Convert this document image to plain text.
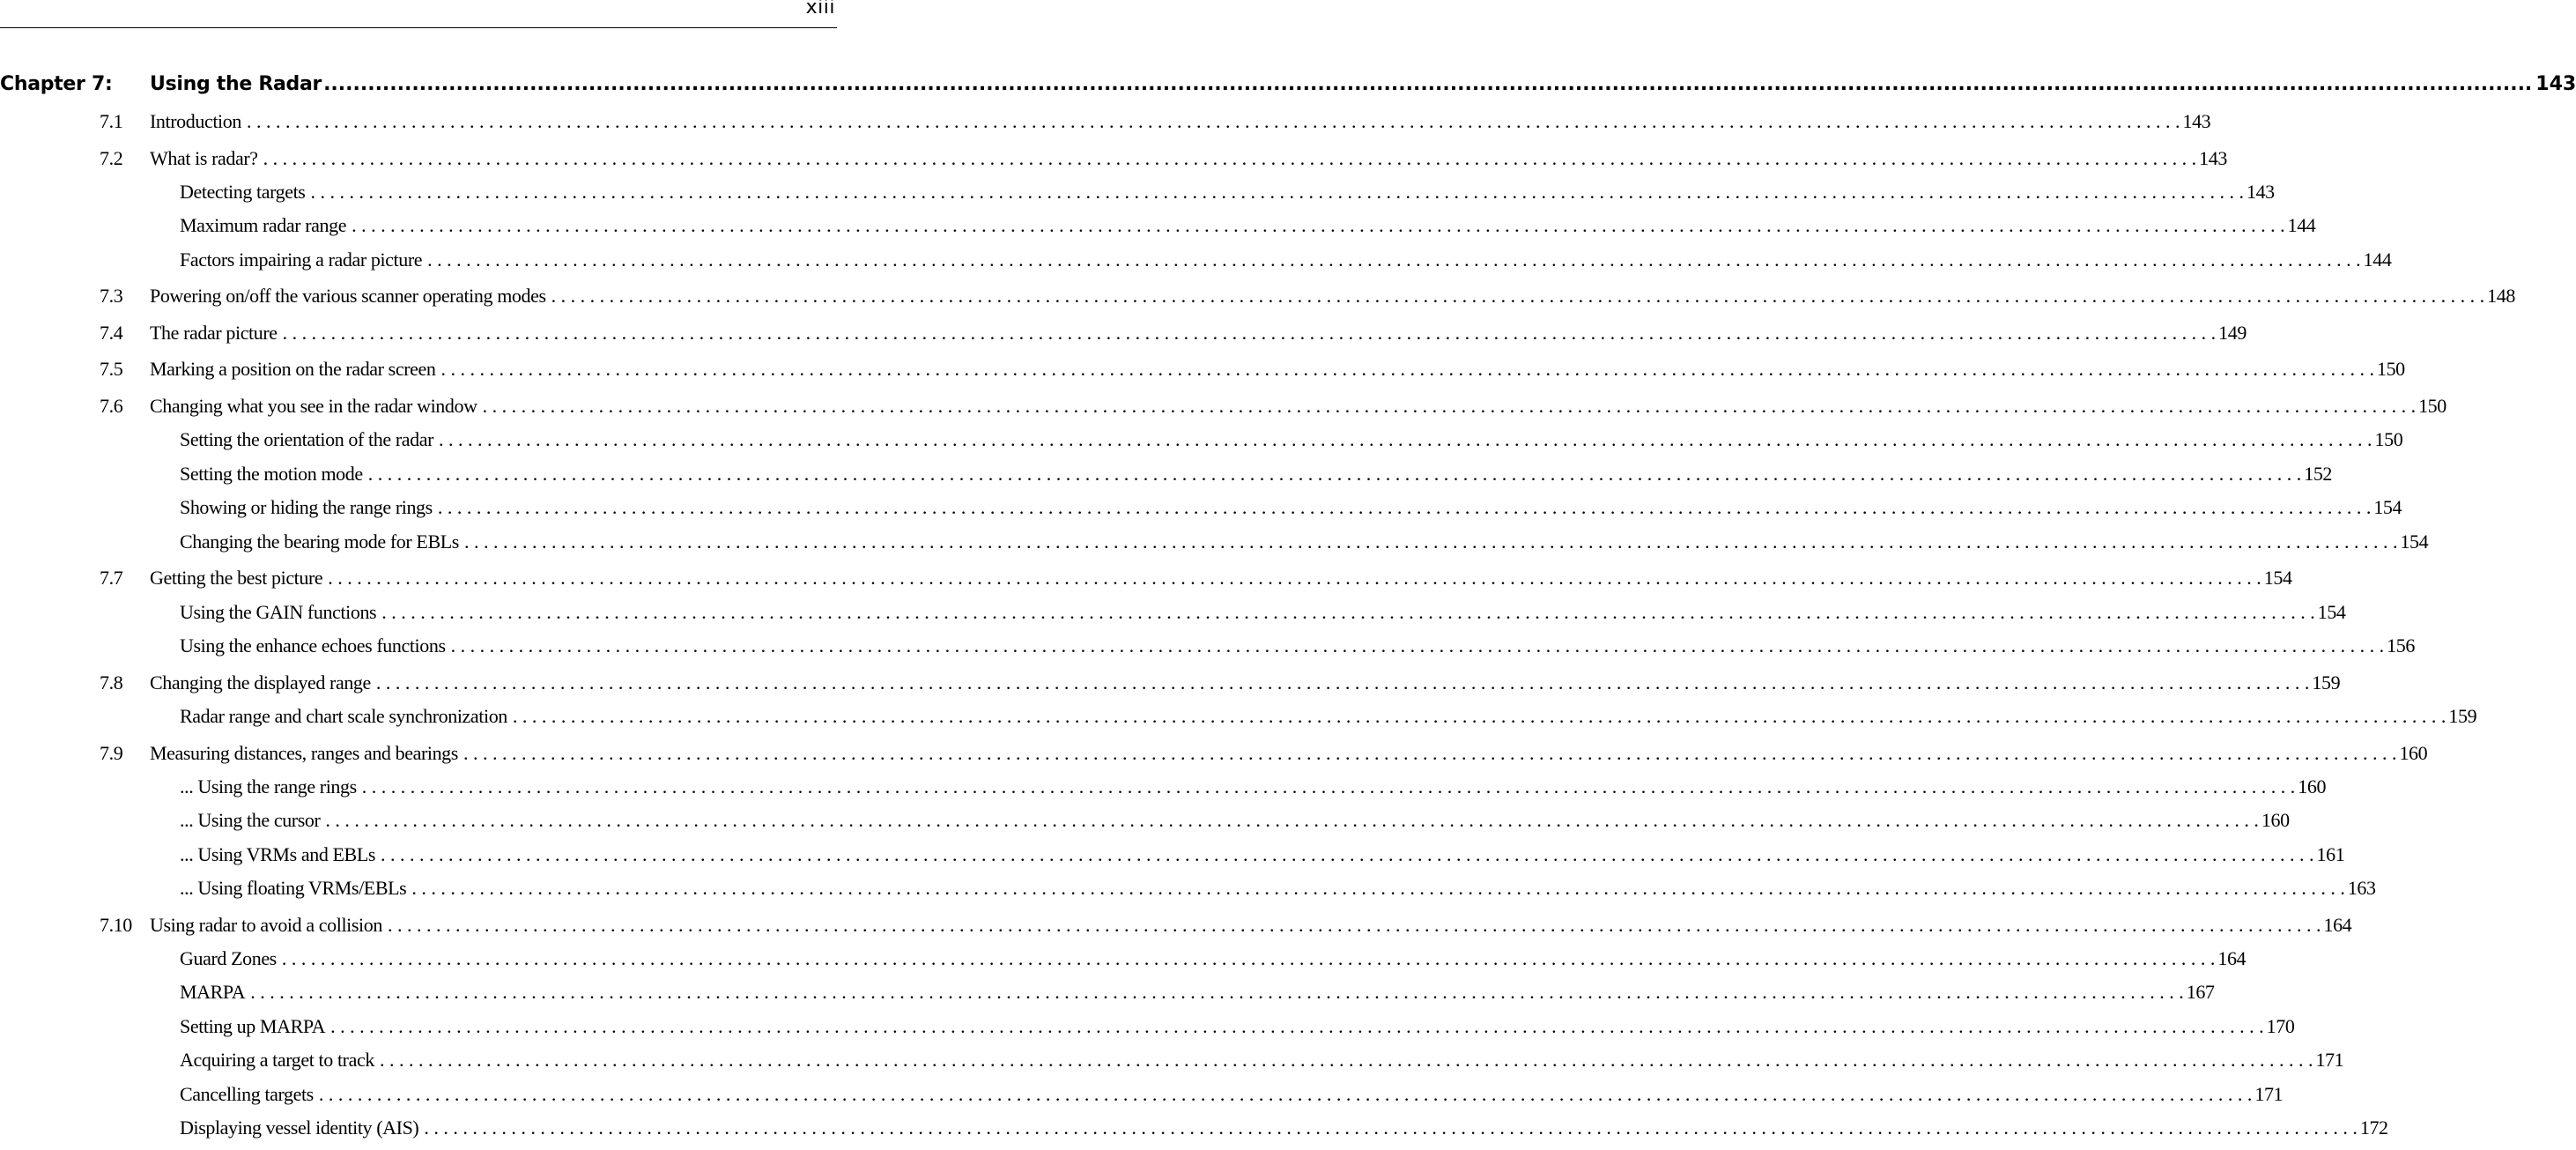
xiii
Chapter 7:	Using the Radar ............................................................................................................................................................................................................................................................................................................ 143
7.1 Introduction . . . . . . . . . . . . . . . . . . . . . . . . . . . . . . . . . . . . . . . . . . . . . . . . . . . . . . . . . . . . . . . . . . . . . . . . . . . . . . . . . . . . . . . . . . . . . . . . . . . . . . . . . . . . . . . . . . . . . . . . . . . . . . . . . . . . . . . . . . . . . . . . . . . . . . . . . . . . . . . . . . . . . . . . . . . . . . . . . . . . . . . . . . . . . . . . . . . . . . . . 143
7.2 What is radar? . . . . . . . . . . . . . . . . . . . . . . . . . . . . . . . . . . . . . . . . . . . . . . . . . . . . . . . . . . . . . . . . . . . . . . . . . . . . . . . . . . . . . . . . . . . . . . . . . . . . . . . . . . . . . . . . . . . . . . . . . . . . . . . . . . . . . . . . . . . . . . . . . . . . . . . . . . . . . . . . . . . . . . . . . . . . . . . . . . . . . . . . . . . . . . . . . . . . . . . . 143
Detecting targets . . . . . . . . . . . . . . . . . . . . . . . . . . . . . . . . . . . . . . . . . . . . . . . . . . . . . . . . . . . . . . . . . . . . . . . . . . . . . . . . . . . . . . . . . . . . . . . . . . . . . . . . . . . . . . . . . . . . . . . . . . . . . . . . . . . . . . . . . . . . . . . . . . . . . . . . . . . . . . . . . . . . . . . . . . . . . . . . . . . . . . . . . . . . . . . . . . . . . . . . 143
Maximum radar range . . . . . . . . . . . . . . . . . . . . . . . . . . . . . . . . . . . . . . . . . . . . . . . . . . . . . . . . . . . . . . . . . . . . . . . . . . . . . . . . . . . . . . . . . . . . . . . . . . . . . . . . . . . . . . . . . . . . . . . . . . . . . . . . . . . . . . . . . . . . . . . . . . . . . . . . . . . . . . . . . . . . . . . . . . . . . . . . . . . . . . . . . . . . . . . . . . . . . . . . 144
Factors impairing a radar picture . . . . . . . . . . . . . . . . . . . . . . . . . . . . . . . . . . . . . . . . . . . . . . . . . . . . . . . . . . . . . . . . . . . . . . . . . . . . . . . . . . . . . . . . . . . . . . . . . . . . . . . . . . . . . . . . . . . . . . . . . . . . . . . . . . . . . . . . . . . . . . . . . . . . . . . . . . . . . . . . . . . . . . . . . . . . . . . . . . . . . . . . . . . . . . . . . . . . . . . . 144
7.3 Powering on/off the various scanner operating modes . . . . . . . . . . . . . . . . . . . . . . . . . . . . . . . . . . . . . . . . . . . . . . . . . . . . . . . . . . . . . . . . . . . . . . . . . . . . . . . . . . . . . . . . . . . . . . . . . . . . . . . . . . . . . . . . . . . . . . . . . . . . . . . . . . . . . . . . . . . . . . . . . . . . . . . . . . . . . . . . . . . . . . . . . . . . . . . . . . . . . . . . . . . . . . . . . . . . . . . . 148
7.4 The radar picture . . . . . . . . . . . . . . . . . . . . . . . . . . . . . . . . . . . . . . . . . . . . . . . . . . . . . . . . . . . . . . . . . . . . . . . . . . . . . . . . . . . . . . . . . . . . . . . . . . . . . . . . . . . . . . . . . . . . . . . . . . . . . . . . . . . . . . . . . . . . . . . . . . . . . . . . . . . . . . . . . . . . . . . . . . . . . . . . . . . . . . . . . . . . . . . . . . . . . . . . 149
7.5 Marking a position on the radar screen . . . . . . . . . . . . . . . . . . . . . . . . . . . . . . . . . . . . . . . . . . . . . . . . . . . . . . . . . . . . . . . . . . . . . . . . . . . . . . . . . . . . . . . . . . . . . . . . . . . . . . . . . . . . . . . . . . . . . . . . . . . . . . . . . . . . . . . . . . . . . . . . . . . . . . . . . . . . . . . . . . . . . . . . . . . . . . . . . . . . . . . . . . . . . . . . . . . . . . . . 150
7.6 Changing what you see in the radar window . . . . . . . . . . . . . . . . . . . . . . . . . . . . . . . . . . . . . . . . . . . . . . . . . . . . . . . . . . . . . . . . . . . . . . . . . . . . . . . . . . . . . . . . . . . . . . . . . . . . . . . . . . . . . . . . . . . . . . . . . . . . . . . . . . . . . . . . . . . . . . . . . . . . . . . . . . . . . . . . . . . . . . . . . . . . . . . . . . . . . . . . . . . . . . . . . . . . . . . . 150
Setting the orientation of the radar . . . . . . . . . . . . . . . . . . . . . . . . . . . . . . . . . . . . . . . . . . . . . . . . . . . . . . . . . . . . . . . . . . . . . . . . . . . . . . . . . . . . . . . . . . . . . . . . . . . . . . . . . . . . . . . . . . . . . . . . . . . . . . . . . . . . . . . . . . . . . . . . . . . . . . . . . . . . . . . . . . . . . . . . . . . . . . . . . . . . . . . . . . . . . . . . . . . . . . . . 150
Setting the motion mode . . . . . . . . . . . . . . . . . . . . . . . . . . . . . . . . . . . . . . . . . . . . . . . . . . . . . . . . . . . . . . . . . . . . . . . . . . . . . . . . . . . . . . . . . . . . . . . . . . . . . . . . . . . . . . . . . . . . . . . . . . . . . . . . . . . . . . . . . . . . . . . . . . . . . . . . . . . . . . . . . . . . . . . . . . . . . . . . . . . . . . . . . . . . . . . . . . . . . . . . 152
Showing or hiding the range rings . . . . . . . . . . . . . . . . . . . . . . . . . . . . . . . . . . . . . . . . . . . . . . . . . . . . . . . . . . . . . . . . . . . . . . . . . . . . . . . . . . . . . . . . . . . . . . . . . . . . . . . . . . . . . . . . . . . . . . . . . . . . . . . . . . . . . . . . . . . . . . . . . . . . . . . . . . . . . . . . . . . . . . . . . . . . . . . . . . . . . . . . . . . . . . . . . . . . . . . . 154
Changing the bearing mode for EBLs . . . . . . . . . . . . . . . . . . . . . . . . . . . . . . . . . . . . . . . . . . . . . . . . . . . . . . . . . . . . . . . . . . . . . . . . . . . . . . . . . . . . . . . . . . . . . . . . . . . . . . . . . . . . . . . . . . . . . . . . . . . . . . . . . . . . . . . . . . . . . . . . . . . . . . . . . . . . . . . . . . . . . . . . . . . . . . . . . . . . . . . . . . . . . . . . . . . . . . . . 154
7.7 Getting the best picture . . . . . . . . . . . . . . . . . . . . . . . . . . . . . . . . . . . . . . . . . . . . . . . . . . . . . . . . . . . . . . . . . . . . . . . . . . . . . . . . . . . . . . . . . . . . . . . . . . . . . . . . . . . . . . . . . . . . . . . . . . . . . . . . . . . . . . . . . . . . . . . . . . . . . . . . . . . . . . . . . . . . . . . . . . . . . . . . . . . . . . . . . . . . . . . . . . . . . . . . 154
Using the GAIN functions . . . . . . . . . . . . . . . . . . . . . . . . . . . . . . . . . . . . . . . . . . . . . . . . . . . . . . . . . . . . . . . . . . . . . . . . . . . . . . . . . . . . . . . . . . . . . . . . . . . . . . . . . . . . . . . . . . . . . . . . . . . . . . . . . . . . . . . . . . . . . . . . . . . . . . . . . . . . . . . . . . . . . . . . . . . . . . . . . . . . . . . . . . . . . . . . . . . . . . . . 154
Using the enhance echoes functions . . . . . . . . . . . . . . . . . . . . . . . . . . . . . . . . . . . . . . . . . . . . . . . . . . . . . . . . . . . . . . . . . . . . . . . . . . . . . . . . . . . . . . . . . . . . . . . . . . . . . . . . . . . . . . . . . . . . . . . . . . . . . . . . . . . . . . . . . . . . . . . . . . . . . . . . . . . . . . . . . . . . . . . . . . . . . . . . . . . . . . . . . . . . . . . . . . . . . . . . 156
7.8 Changing the displayed range . . . . . . . . . . . . . . . . . . . . . . . . . . . . . . . . . . . . . . . . . . . . . . . . . . . . . . . . . . . . . . . . . . . . . . . . . . . . . . . . . . . . . . . . . . . . . . . . . . . . . . . . . . . . . . . . . . . . . . . . . . . . . . . . . . . . . . . . . . . . . . . . . . . . . . . . . . . . . . . . . . . . . . . . . . . . . . . . . . . . . . . . . . . . . . . . . . . . . . . . 159
Radar range and chart scale synchronization . . . . . . . . . . . . . . . . . . . . . . . . . . . . . . . . . . . . . . . . . . . . . . . . . . . . . . . . . . . . . . . . . . . . . . . . . . . . . . . . . . . . . . . . . . . . . . . . . . . . . . . . . . . . . . . . . . . . . . . . . . . . . . . . . . . . . . . . . . . . . . . . . . . . . . . . . . . . . . . . . . . . . . . . . . . . . . . . . . . . . . . . . . . . . . . . . . . . . . . . 159
7.9 Measuring distances, ranges and bearings . . . . . . . . . . . . . . . . . . . . . . . . . . . . . . . . . . . . . . . . . . . . . . . . . . . . . . . . . . . . . . . . . . . . . . . . . . . . . . . . . . . . . . . . . . . . . . . . . . . . . . . . . . . . . . . . . . . . . . . . . . . . . . . . . . . . . . . . . . . . . . . . . . . . . . . . . . . . . . . . . . . . . . . . . . . . . . . . . . . . . . . . . . . . . . . . . . . . . . . . 160
... Using the range rings . . . . . . . . . . . . . . . . . . . . . . . . . . . . . . . . . . . . . . . . . . . . . . . . . . . . . . . . . . . . . . . . . . . . . . . . . . . . . . . . . . . . . . . . . . . . . . . . . . . . . . . . . . . . . . . . . . . . . . . . . . . . . . . . . . . . . . . . . . . . . . . . . . . . . . . . . . . . . . . . . . . . . . . . . . . . . . . . . . . . . . . . . . . . . . . . . . . . . . . . 160
... Using the cursor . . . . . . . . . . . . . . . . . . . . . . . . . . . . . . . . . . . . . . . . . . . . . . . . . . . . . . . . . . . . . . . . . . . . . . . . . . . . . . . . . . . . . . . . . . . . . . . . . . . . . . . . . . . . . . . . . . . . . . . . . . . . . . . . . . . . . . . . . . . . . . . . . . . . . . . . . . . . . . . . . . . . . . . . . . . . . . . . . . . . . . . . . . . . . . . . . . . . . . . . 160
... Using VRMs and EBLs . . . . . . . . . . . . . . . . . . . . . . . . . . . . . . . . . . . . . . . . . . . . . . . . . . . . . . . . . . . . . . . . . . . . . . . . . . . . . . . . . . . . . . . . . . . . . . . . . . . . . . . . . . . . . . . . . . . . . . . . . . . . . . . . . . . . . . . . . . . . . . . . . . . . . . . . . . . . . . . . . . . . . . . . . . . . . . . . . . . . . . . . . . . . . . . . . . . . . . . . 161
... Using floating VRMs/EBLs . . . . . . . . . . . . . . . . . . . . . . . . . . . . . . . . . . . . . . . . . . . . . . . . . . . . . . . . . . . . . . . . . . . . . . . . . . . . . . . . . . . . . . . . . . . . . . . . . . . . . . . . . . . . . . . . . . . . . . . . . . . . . . . . . . . . . . . . . . . . . . . . . . . . . . . . . . . . . . . . . . . . . . . . . . . . . . . . . . . . . . . . . . . . . . . . . . . . . . . . 163
7.10 Using radar to avoid a collision . . . . . . . . . . . . . . . . . . . . . . . . . . . . . . . . . . . . . . . . . . . . . . . . . . . . . . . . . . . . . . . . . . . . . . . . . . . . . . . . . . . . . . . . . . . . . . . . . . . . . . . . . . . . . . . . . . . . . . . . . . . . . . . . . . . . . . . . . . . . . . . . . . . . . . . . . . . . . . . . . . . . . . . . . . . . . . . . . . . . . . . . . . . . . . . . . . . . . . . . 164
Guard Zones . . . . . . . . . . . . . . . . . . . . . . . . . . . . . . . . . . . . . . . . . . . . . . . . . . . . . . . . . . . . . . . . . . . . . . . . . . . . . . . . . . . . . . . . . . . . . . . . . . . . . . . . . . . . . . . . . . . . . . . . . . . . . . . . . . . . . . . . . . . . . . . . . . . . . . . . . . . . . . . . . . . . . . . . . . . . . . . . . . . . . . . . . . . . . . . . . . . . . . . . 164
MARPA . . . . . . . . . . . . . . . . . . . . . . . . . . . . . . . . . . . . . . . . . . . . . . . . . . . . . . . . . . . . . . . . . . . . . . . . . . . . . . . . . . . . . . . . . . . . . . . . . . . . . . . . . . . . . . . . . . . . . . . . . . . . . . . . . . . . . . . . . . . . . . . . . . . . . . . . . . . . . . . . . . . . . . . . . . . . . . . . . . . . . . . . . . . . . . . . . . . . . . . . 167
Setting up MARPA . . . . . . . . . . . . . . . . . . . . . . . . . . . . . . . . . . . . . . . . . . . . . . . . . . . . . . . . . . . . . . . . . . . . . . . . . . . . . . . . . . . . . . . . . . . . . . . . . . . . . . . . . . . . . . . . . . . . . . . . . . . . . . . . . . . . . . . . . . . . . . . . . . . . . . . . . . . . . . . . . . . . . . . . . . . . . . . . . . . . . . . . . . . . . . . . . . . . . . . . 170
Acquiring a target to track . . . . . . . . . . . . . . . . . . . . . . . . . . . . . . . . . . . . . . . . . . . . . . . . . . . . . . . . . . . . . . . . . . . . . . . . . . . . . . . . . . . . . . . . . . . . . . . . . . . . . . . . . . . . . . . . . . . . . . . . . . . . . . . . . . . . . . . . . . . . . . . . . . . . . . . . . . . . . . . . . . . . . . . . . . . . . . . . . . . . . . . . . . . . . . . . . . . . . . . . 171
Cancelling targets . . . . . . . . . . . . . . . . . . . . . . . . . . . . . . . . . . . . . . . . . . . . . . . . . . . . . . . . . . . . . . . . . . . . . . . . . . . . . . . . . . . . . . . . . . . . . . . . . . . . . . . . . . . . . . . . . . . . . . . . . . . . . . . . . . . . . . . . . . . . . . . . . . . . . . . . . . . . . . . . . . . . . . . . . . . . . . . . . . . . . . . . . . . . . . . . . . . . . . . . 171
Displaying vessel identity (AIS) . . . . . . . . . . . . . . . . . . . . . . . . . . . . . . . . . . . . . . . . . . . . . . . . . . . . . . . . . . . . . . . . . . . . . . . . . . . . . . . . . . . . . . . . . . . . . . . . . . . . . . . . . . . . . . . . . . . . . . . . . . . . . . . . . . . . . . . . . . . . . . . . . . . . . . . . . . . . . . . . . . . . . . . . . . . . . . . . . . . . . . . . . . . . . . . . . . . . . . . . 172
